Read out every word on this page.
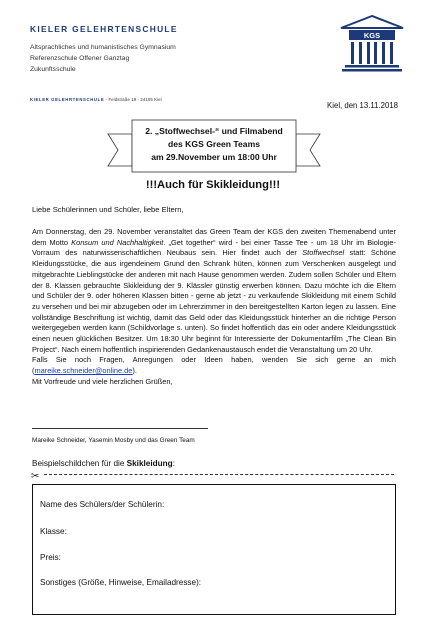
KIELER GELEHRTENSCHULE
Altsprachliches und humanistisches Gymnasium
Referenzschule Offener Ganztag
Zukunftsschule
KGS
KIELER GELEHRTENSCHULE · Feldstraße 19 · 24105 Kiel
Kiel, den 13.11.2018
2. „Stoffwechsel-“ und Filmabend
des KGS Green Teams
am 29.November um 18:00 Uhr
!!!Auch für Skikleidung!!!
Liebe Schülerinnen und Schüler, liebe Eltern,

Am Donnerstag, den 29. November veranstaltet das Green Team der KGS den zweiten Themenabend unter dem Motto Konsum und Nachhaltigkeit. „Get together“ wird - bei einer Tasse Tee - um 18 Uhr im Biologie-Vorraum des naturwissenschaftlichen Neubaus sein. Hier findet auch der Stoffwechsel statt: Schöne Kleidungsstücke, die aus irgendeinem Grund den Schrank hüten, können zum Verschenken ausgelegt und mitgebrachte Lieblingstücke der anderen mit nach Hause genommen werden. Zudem sollen Schüler und Eltern der 8. Klassen gebrauchte Skikleidung der 9. Klässler günstig erwerben können. Dazu möchte ich die Eltern und Schüler der 9. oder höheren Klassen bitten - gerne ab jetzt - zu verkaufende Skikleidung mit einem Schild zu versehen und bei mir abzugeben oder im Lehrerzimmer in den bereitgestellten Karton legen zu lassen. Eine vollständige Beschriftung ist wichtig, damit das Geld oder das Kleidungsstück hinterher an die richtige Person weitergegeben werden kann (Schildvorlage s. unten). So findet hoffentlich das ein oder andere Kleidungsstück einen neuen glücklichen Besitzer. Um 18:30 Uhr beginnt für Interessierte der Dokumentarfilm „The Clean Bin Project“. Nach einem hoffentlich inspirierenden Gedankenaustausch endet die Veranstaltung um 20 Uhr.

Falls Sie noch Fragen, Anregungen oder Ideen haben, wenden Sie sich gerne an mich (mareike.schneider@online.de).

Mit Vorfreude und viele herzlichen Grüßen,

Mareike Schneider, Yasemin Mosby und das Green Team
Beispielschildchen für die Skikleidung:
✂
Name des Schülers/der Schülerin:
Klasse:
Preis:
Sonstiges (Größe, Hinweise, Emailadresse):
